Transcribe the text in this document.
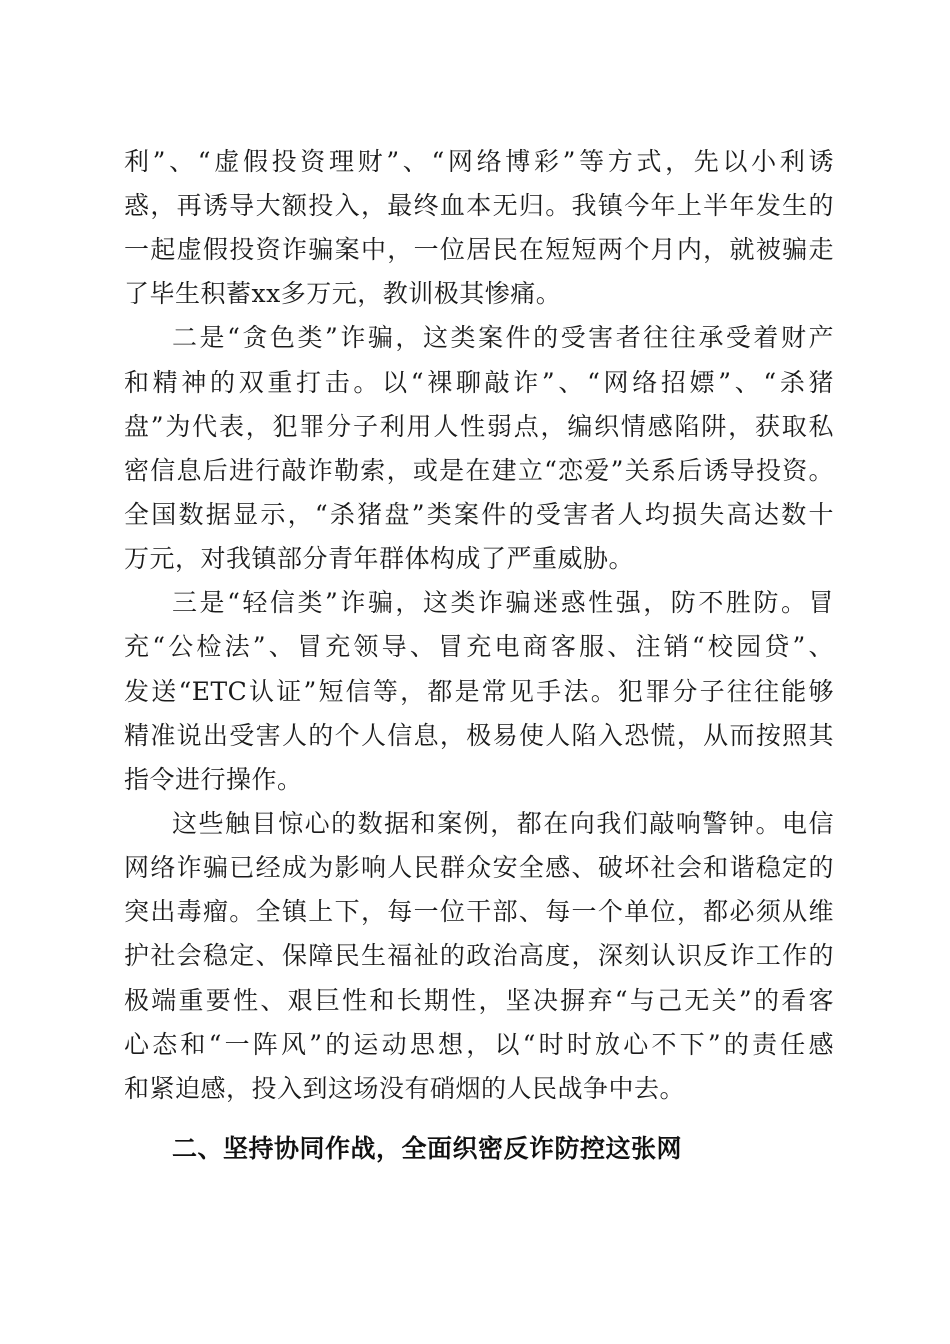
利”、“虚假投资理财”、“网络博彩”等方式，先以小利诱
惑，再诱导大额投入，最终血本无归。我镇今年上半年发生的
一起虚假投资诈骗案中，一位居民在短短两个月内，就被骗走
了毕生积蓄xx多万元，教训极其惨痛。
二是“贪色类”诈骗，这类案件的受害者往往承受着财产
和精神的双重打击。以“裸聊敲诈”、“网络招嫖”、“杀猪
盘”为代表，犯罪分子利用人性弱点，编织情感陷阱，获取私
密信息后进行敲诈勒索，或是在建立“恋爱”关系后诱导投资。
全国数据显示，“杀猪盘”类案件的受害者人均损失高达数十
万元，对我镇部分青年群体构成了严重威胁。
三是“轻信类”诈骗，这类诈骗迷惑性强，防不胜防。冒
充“公检法”、冒充领导、冒充电商客服、注销“校园贷”、
发送“ETC认证”短信等，都是常见手法。犯罪分子往往能够
精准说出受害人的个人信息，极易使人陷入恐慌，从而按照其
指令进行操作。
这些触目惊心的数据和案例，都在向我们敲响警钟。电信
网络诈骗已经成为影响人民群众安全感、破坏社会和谐稳定的
突出毒瘤。全镇上下，每一位干部、每一个单位，都必须从维
护社会稳定、保障民生福祉的政治高度，深刻认识反诈工作的
极端重要性、艰巨性和长期性，坚决摒弃“与己无关”的看客
心态和“一阵风”的运动思想，以“时时放心不下”的责任感
和紧迫感，投入到这场没有硝烟的人民战争中去。
二、坚持协同作战，全面织密反诈防控这张网
